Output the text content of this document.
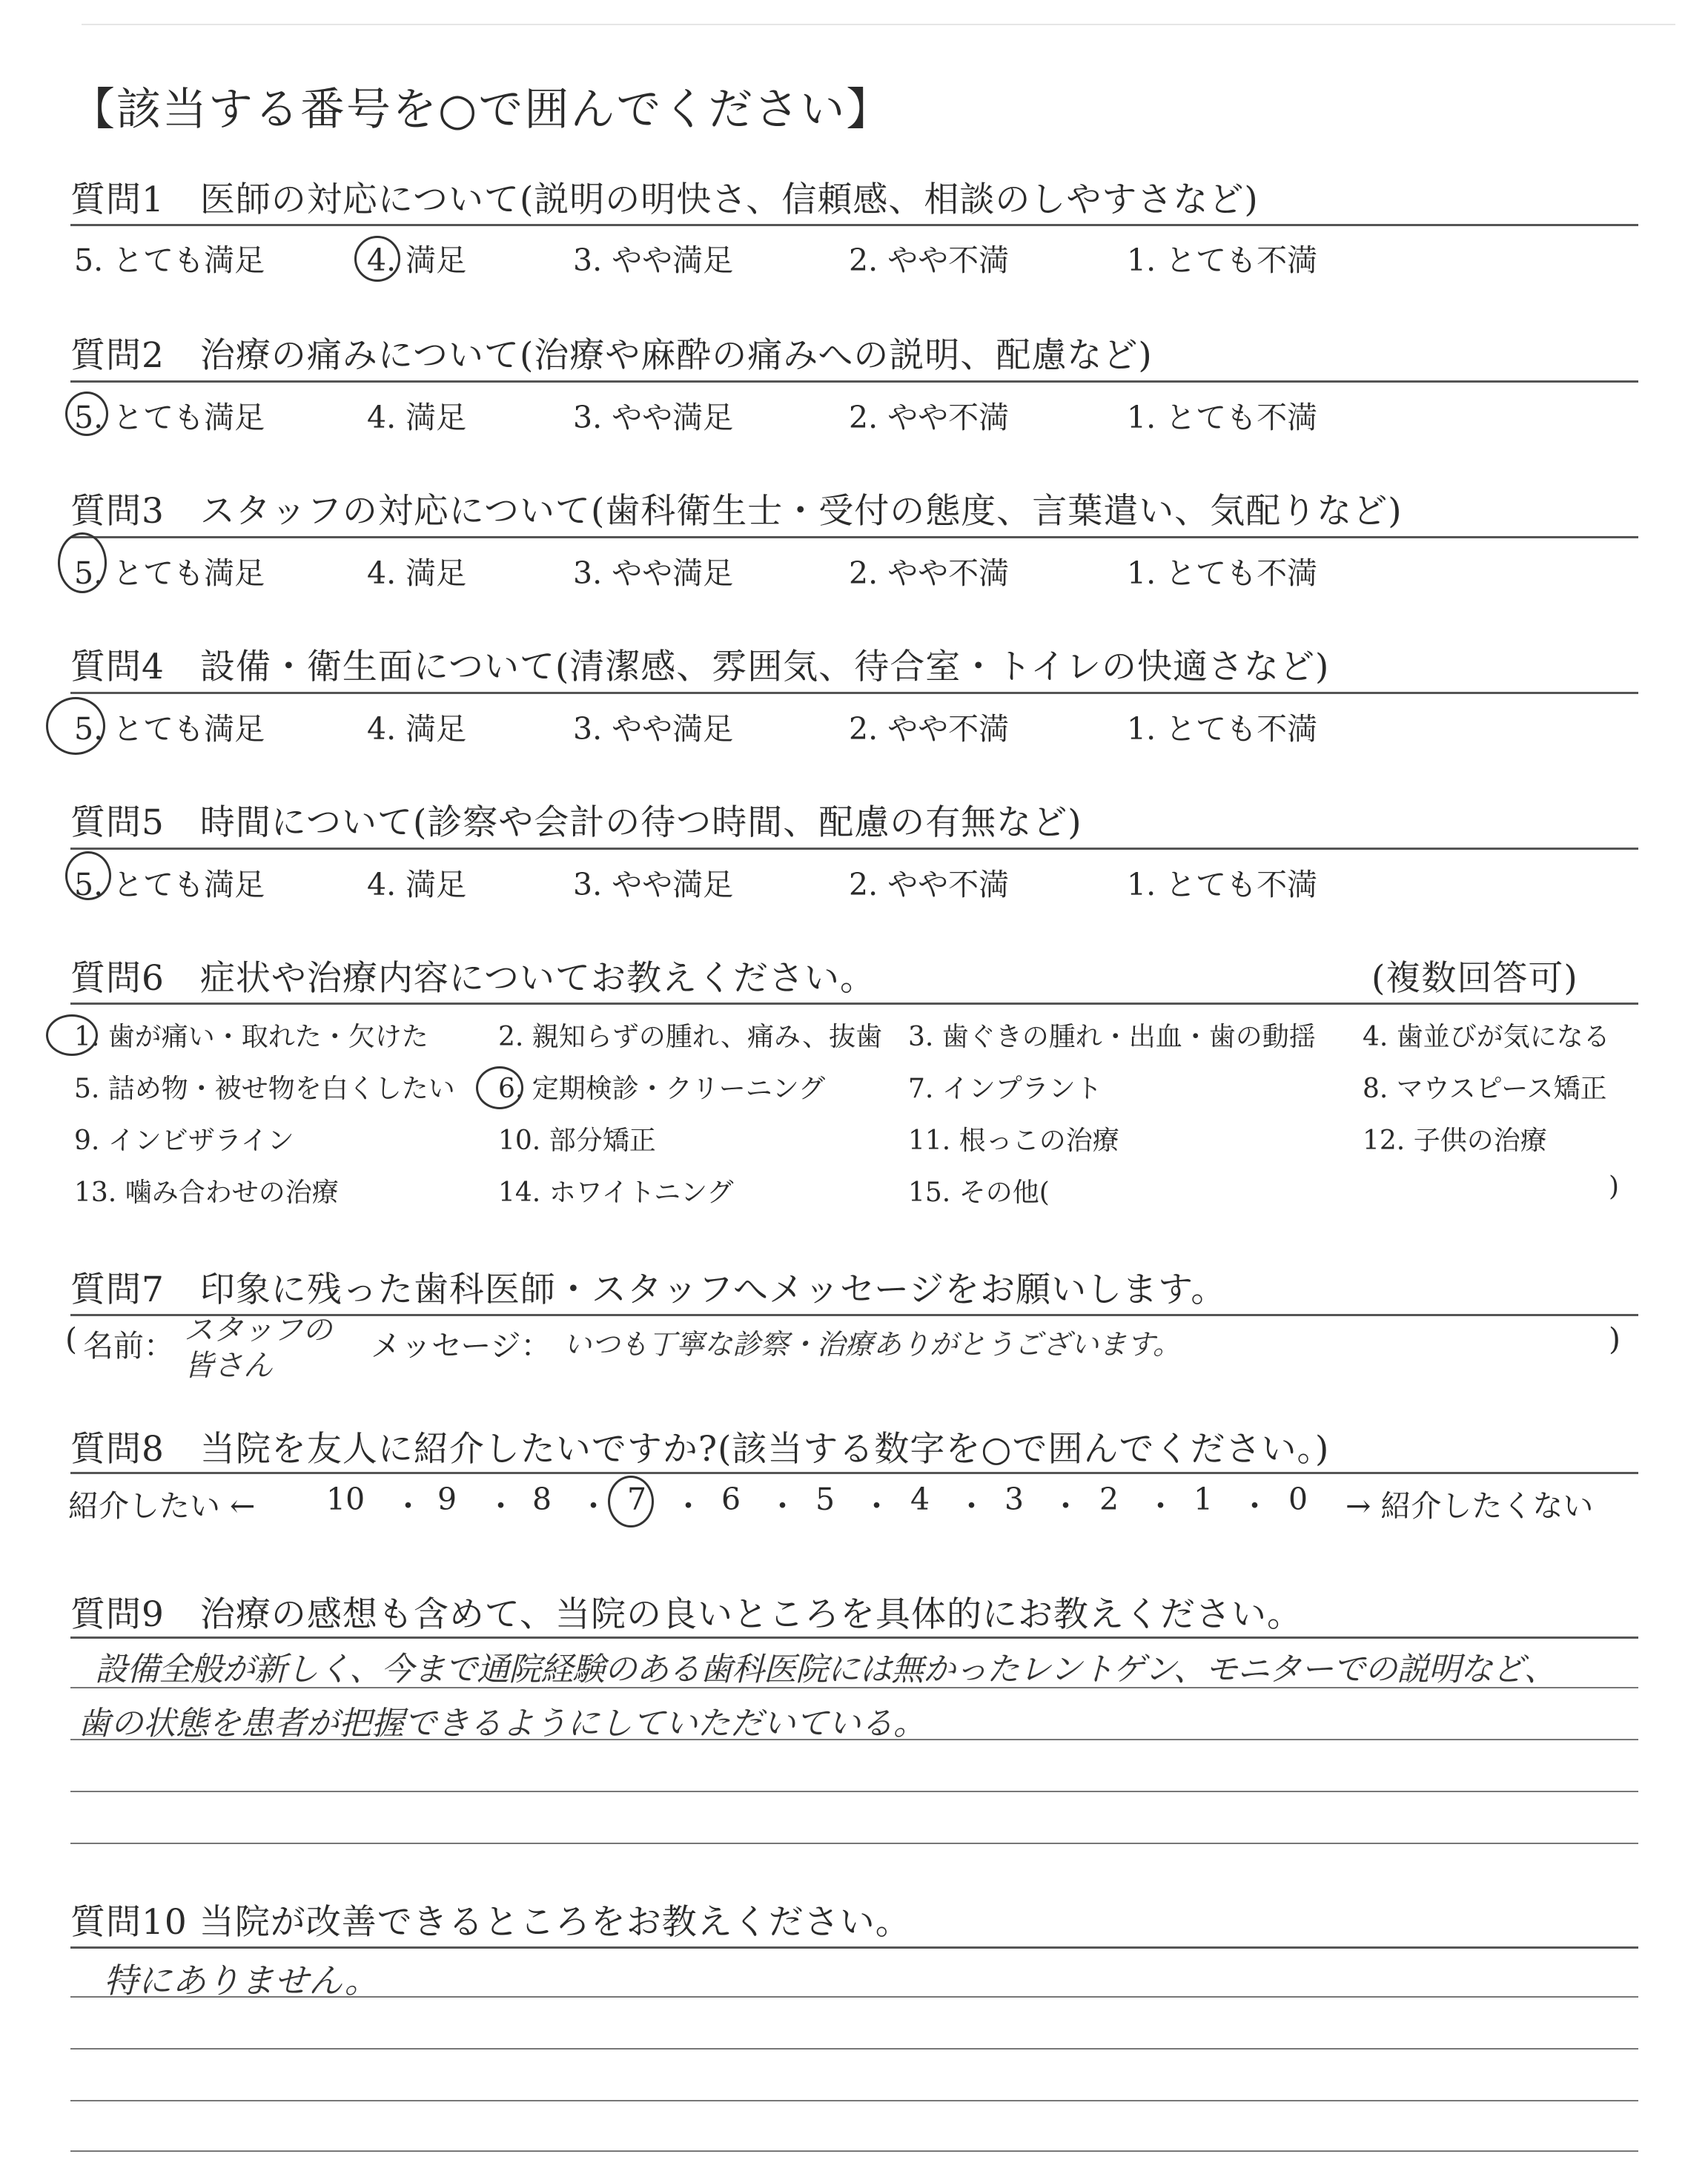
【該当する番号を○で囲んでください】
質問1　医師の対応について(説明の明快さ、信頼感、相談のしやすさなど)
5. とても満足	4. 満足	3. やや満足	2. やや不満	1. とても不満
質問2　治療の痛みについて(治療や麻酔の痛みへの説明、配慮など)
5. とても満足	4. 満足	3. やや満足	2. やや不満	1. とても不満
質問3　スタッフの対応について(歯科衛生士・受付の態度、言葉遣い、気配りなど)
5. とても満足	4. 満足	3. やや満足	2. やや不満	1. とても不満
質問4　設備・衛生面について(清潔感、雰囲気、待合室・トイレの快適さなど)
5. とても満足	4. 満足	3. やや満足	2. やや不満	1. とても不満
質問5　時間について(診察や会計の待つ時間、配慮の有無など)
5. とても満足	4. 満足	3. やや満足	2. やや不満	1. とても不満
質問6　症状や治療内容についてお教えください。	(複数回答可)
1. 歯が痛い・取れた・欠けた	2. 親知らずの腫れ、痛み、抜歯 3. 歯ぐきの腫れ・出血・歯の動揺 4. 歯並びが気になる
5. 詰め物・被せ物を白くしたい 6. 定期検診・クリーニング	7. インプラント	8. マウスピース矯正
9. インビザライン	10. 部分矯正	11. 根っこの治療	12. 子供の治療
13. 噛み合わせの治療	14. ホワイトニング	15. その他(	)
質問7　印象に残った歯科医師・スタッフへメッセージをお願いします。
( 名前： スタッフの皆さん
メッセージ： いつも丁寧な診察・治療ありがとうございます。	)
質問8　当院を友人に紹介したいですか?(該当する数字を○で囲んでください。)
紹介したい ← 10 ・ 9 ・ 8 ・ 7 ・ 6 ・ 5 ・ 4 ・ 3 ・ 2 ・ 1 ・ 0 → 紹介したくない
質問9　治療の感想も含めて、当院の良いところを具体的にお教えください。
設備全般が新しく、今まで通院経験のある歯科医院には無かったレントゲン、モニターでの説明など、
歯の状態を患者が把握できるようにしていただいている。
質問10 当院が改善できるところをお教えください。
特にありません。
